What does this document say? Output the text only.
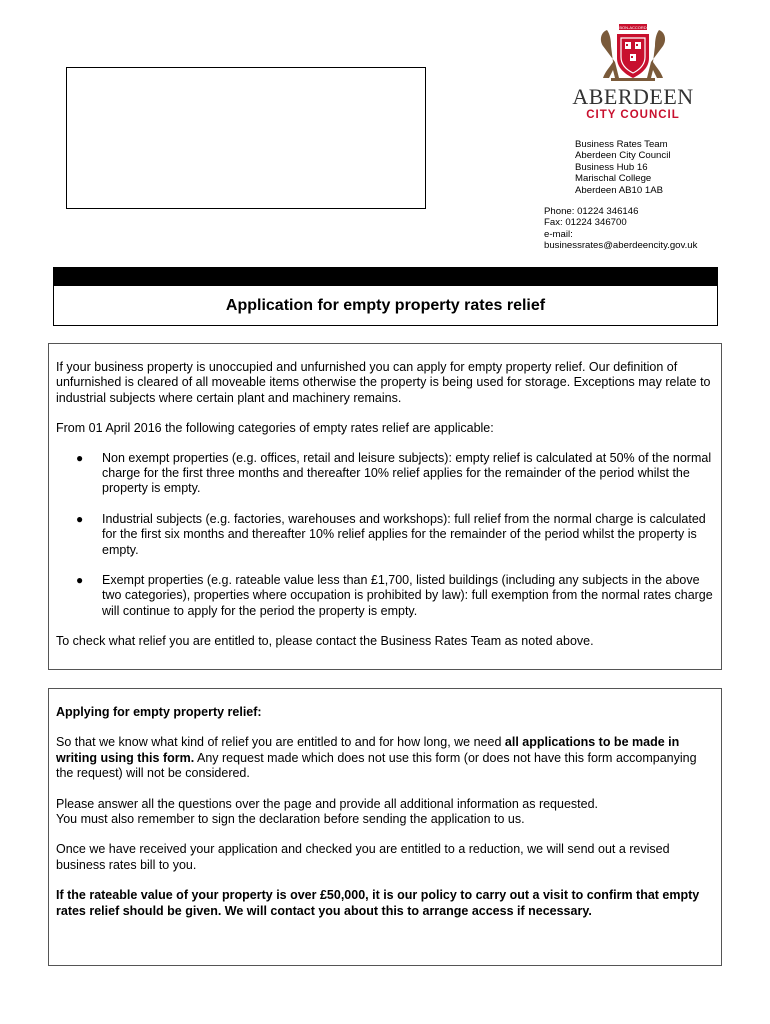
BON-ACCORD
ABERDEEN
CITY COUNCIL
Business Rates Team
Aberdeen City Council
Business Hub 16
Marischal College
Aberdeen AB10 1AB
Phone: 01224 346146
Fax: 01224 346700
e-mail:
businessrates@aberdeencity.gov.uk
Application for empty property rates relief

If your business property is unoccupied and unfurnished you can apply for empty property relief. Our definition of unfurnished is cleared of all moveable items otherwise the property is being used for storage. Exceptions may relate to industrial subjects where certain plant and machinery remains.

From 01 April 2016 the following categories of empty rates relief are applicable:

● Non exempt properties (e.g. offices, retail and leisure subjects): empty relief is calculated at 50% of the normal charge for the first three months and thereafter 10% relief applies for the remainder of the period whilst the property is empty.
● Industrial subjects (e.g. factories, warehouses and workshops): full relief from the normal charge is calculated for the first six months and thereafter 10% relief applies for the remainder of the period whilst the property is empty.
● Exempt properties (e.g. rateable value less than £1,700, listed buildings (including any subjects in the above two categories), properties where occupation is prohibited by law): full exemption from the normal rates charge will continue to apply for the period the property is empty.

To check what relief you are entitled to, please contact the Business Rates Team as noted above.

Applying for empty property relief:

So that we know what kind of relief you are entitled to and for how long, we need all applications to be made in writing using this form. Any request made which does not use this form (or does not have this form accompanying the request) will not be considered.

Please answer all the questions over the page and provide all additional information as requested.

You must also remember to sign the declaration before sending the application to us.

Once we have received your application and checked you are entitled to a reduction, we will send out a revised business rates bill to you.

If the rateable value of your property is over £50,000, it is our policy to carry out a visit to confirm that empty rates relief should be given. We will contact you about this to arrange access if necessary.
